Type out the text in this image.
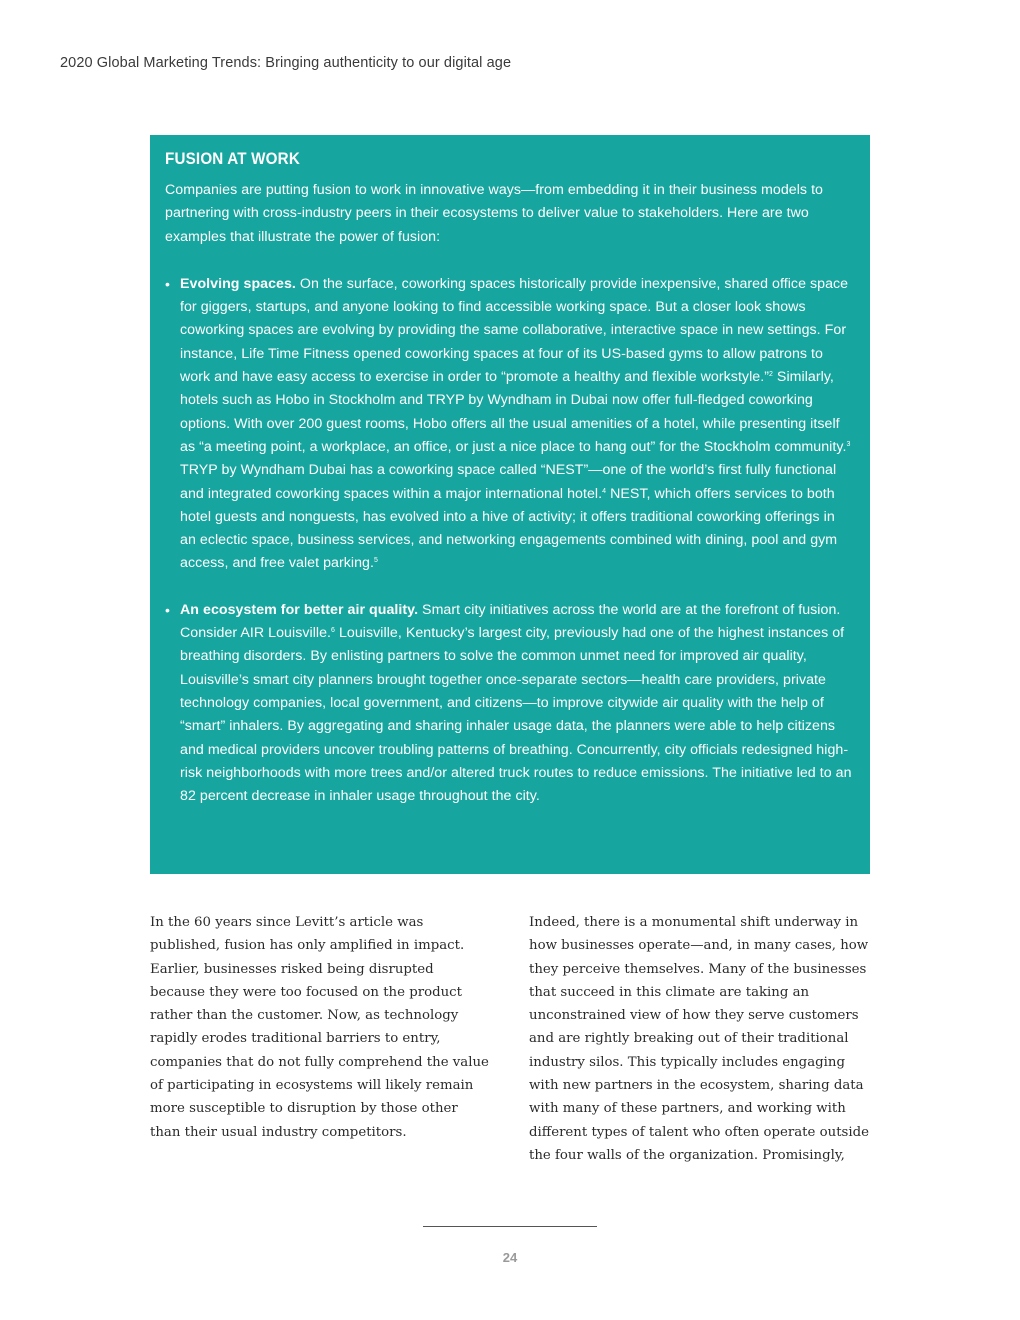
2020 Global Marketing Trends: Bringing authenticity to our digital age
FUSION AT WORK

Companies are putting fusion to work in innovative ways—from embedding it in their business models to partnering with cross-industry peers in their ecosystems to deliver value to stakeholders. Here are two examples that illustrate the power of fusion:

• Evolving spaces. On the surface, coworking spaces historically provide inexpensive, shared office space for giggers, startups, and anyone looking to find accessible working space. But a closer look shows coworking spaces are evolving by providing the same collaborative, interactive space in new settings. For instance, Life Time Fitness opened coworking spaces at four of its US-based gyms to allow patrons to work and have easy access to exercise in order to “promote a healthy and flexible workstyle.”$^2$ Similarly, hotels such as Hobo in Stockholm and TRYP by Wyndham in Dubai now offer full-fledged coworking options. With over 200 guest rooms, Hobo offers all the usual amenities of a hotel, while presenting itself as “a meeting point, a workplace, an office, or just a nice place to hang out” for the Stockholm community.$^3$ TRYP by Wyndham Dubai has a coworking space called “NEST”—one of the world’s first fully functional and integrated coworking spaces within a major international hotel.$^4$ NEST, which offers services to both hotel guests and nonguests, has evolved into a hive of activity; it offers traditional coworking offerings in an eclectic space, business services, and networking engagements combined with dining, pool and gym access, and free valet parking.$^5$
• An ecosystem for better air quality. Smart city initiatives across the world are at the forefront of fusion. Consider AIR Louisville.$^6$ Louisville, Kentucky’s largest city, previously had one of the highest instances of breathing disorders. By enlisting partners to solve the common unmet need for improved air quality, Louisville’s smart city planners brought together once-separate sectors—health care providers, private technology companies, local government, and citizens—to improve citywide air quality with the help of “smart” inhalers. By aggregating and sharing inhaler usage data, the planners were able to help citizens and medical providers uncover troubling patterns of breathing. Concurrently, city officials redesigned high-risk neighborhoods with more trees and/or altered truck routes to reduce emissions. The initiative led to an 82 percent decrease in inhaler usage throughout the city.

In the 60 years since Levitt’s article was published, fusion has only amplified in impact. Earlier, businesses risked being disrupted because they were too focused on the product rather than the customer. Now, as technology rapidly erodes traditional barriers to entry, companies that do not fully comprehend the value of participating in ecosystems will likely remain more susceptible to disruption by those other than their usual industry competitors.

Indeed, there is a monumental shift underway in how businesses operate—and, in many cases, how they perceive themselves. Many of the businesses that succeed in this climate are taking an unconstrained view of how they serve customers and are rightly breaking out of their traditional industry silos. This typically includes engaging with new partners in the ecosystem, sharing data with many of these partners, and working with different types of talent who often operate outside the four walls of the organization. Promisingly,

24
